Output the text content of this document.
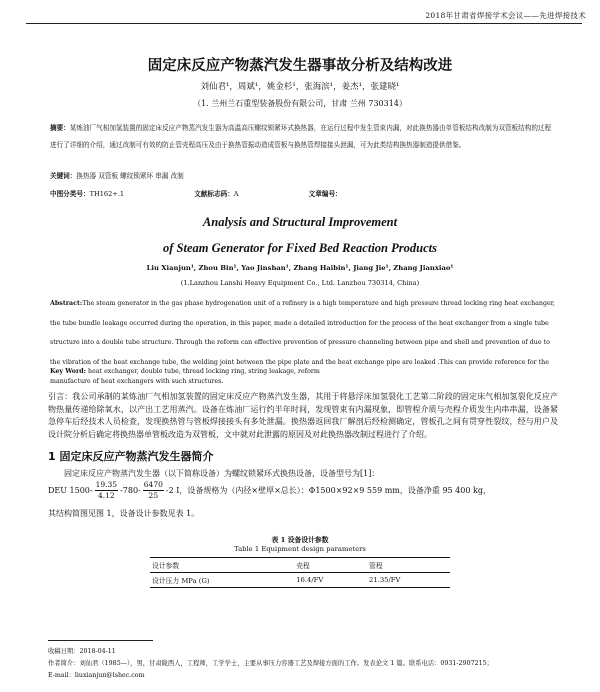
2018年甘肃省焊接学术会议——先进焊接技术
固定床反应产物蒸汽发生器事故分析及结构改进
刘仙君¹，周斌¹，姚金杉¹，张海滨¹，姜杰¹，张建晓¹
（1. 兰州兰石重型装备股份有限公司，甘肃 兰州 730314）
摘要：某炼油厂气相加氢装置的固定床反应产物蒸汽发生器为高温高压螺纹锁紧环式换热器，在运行过程中发生管束内漏，对此换热器由单管板结构改制为双管板结构的过程进行了详细的介绍，通过改制可有效的防止管壳程高压及由于换热管振动造成管板与换热管焊接接头泄漏，可为此类结构换热器制造提供借鉴。
关键词：换热器 双管板 螺纹锁紧环 串漏 改制
中图分类号：TH162+.1	文献标志码：A	文章编号：
Analysis and Structural Improvement
of Steam Generator for Fixed Bed Reaction Products
Liu Xianjun¹, Zhou Bin¹, Yao Jinshan¹, Zhang Haibin¹, Jiang Jie¹, Zhang Jianxiao¹
(1.Lanzhou Lanshi Heavy Equipment Co., Ltd. Lanzhou 730314, China)
Abstract:The steam generator in the gas phase hydrogenation unit of a refinery is a high temperature and high pressure thread locking ring heat exchanger, the tube bundle leakage occurred during the operation, in this paper, made a detailed introduction for the process of the heat exchanger from a single tube structure into a double tube structure. Through the reform can effective prevention of pressure channeling between pipe and shell and prevention of due to the vibration of the heat exchange tube, the welding joint between the pipe plate and the heat exchange pipe are leaked .This can provide reference for the manufacture of heat exchangers with such structures.
Key Word: heat exchanger, double tube, thread locking ring, string leakage, reform
引言：我公司承制的某炼油厂气相加氢装置的固定床反应产物蒸汽发生器，其用于将悬浮床加氢裂化工艺第二阶段的固定床气相加氢裂化反应产物热量传递给除氧水，以产出工艺用蒸汽。设备在炼油厂运行约半年时间，发现管束有内漏现象，即管程介质与壳程介质发生内串串漏，设备紧急停车后经技术人员检查，发现换热管与管板焊接接头有多处泄漏。换热器返回我厂解剖后经检测确定，管板孔之间有贯穿性裂纹，经与用户及设计院分析后确定将换热器单管板改造为双管板，文中就对此泄露的原因及对此换热器改制过程进行了介绍。
1 固定床反应产物蒸汽发生器简介
固定床反应产物蒸汽发生器（以下简称设备）为螺纹锁紧环式换热设备，设备型号为[1]：
DEU $1500- \frac{19.35}{4.12} -780- \frac{6470}{25} -2$ Ⅰ，设备规格为（内径×壁厚×总长）：Φ1500×92×9 559 mm，设备净重 95 400 kg，
其结构简图见图 1，设备设计参数见表 1。
表 1 设备设计参数
Table 1 Equipment design parameters
设计参数	壳程	管程
设计压力 MPa (G)	16.4/FV	21.35/FV
收稿日期：2018-04-11
作者简介：刘仙君（1985—），男，甘肃陇西人，工程师，工学学士，主要从事压力容器工艺及焊接方面的工作。发表论文 1 篇。联系电话：0931-2907215；
E-mail：liuxianjun@lshec.com
